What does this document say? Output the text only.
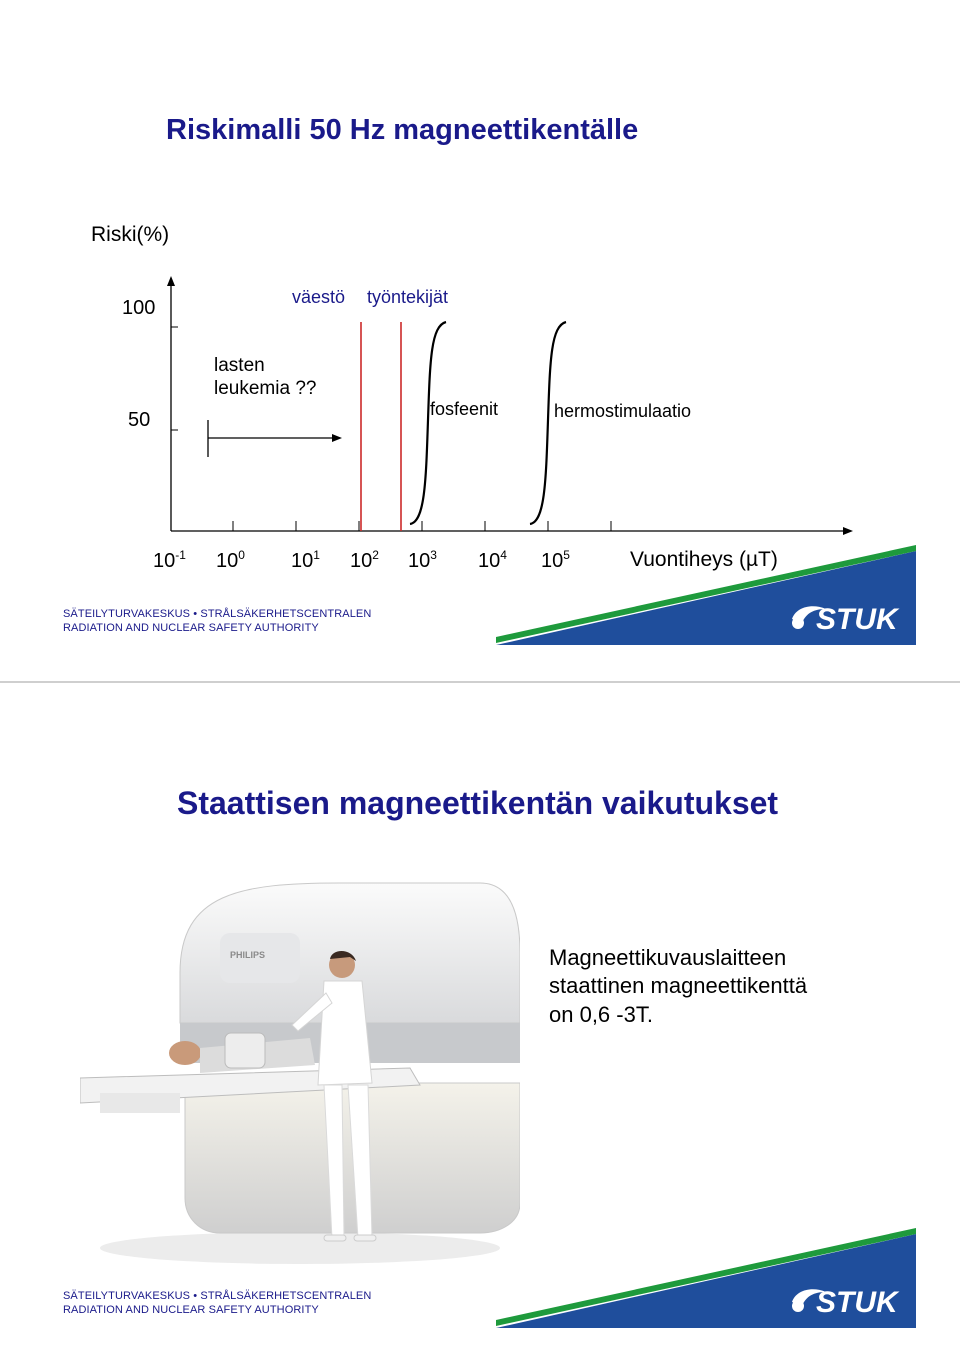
Riskimalli 50 Hz magneettikentälle
Riski(%)
100
50
väestö työntekijät
lasten
leukemia ??
fosfeenit	hermostimulaatio
$10^{-1}$ $10^0$ $10^1$ $10^2$ $10^3$ $10^4$ $10^5$	Vuontiheys (µT)
SÄTEILYTURVAKESKUS • STRÅLSÄKERHETSCENTRALEN
RADIATION AND NUCLEAR SAFETY AUTHORITY	STUK
Staattisen magneettikentän vaikutukset
PHILIPS	Magneettikuvauslaitteen
staattinen magneettikenttä
on 0,6 -3T.
SÄTEILYTURVAKESKUS • STRÅLSÄKERHETSCENTRALEN
RADIATION AND NUCLEAR SAFETY AUTHORITY	STUK
